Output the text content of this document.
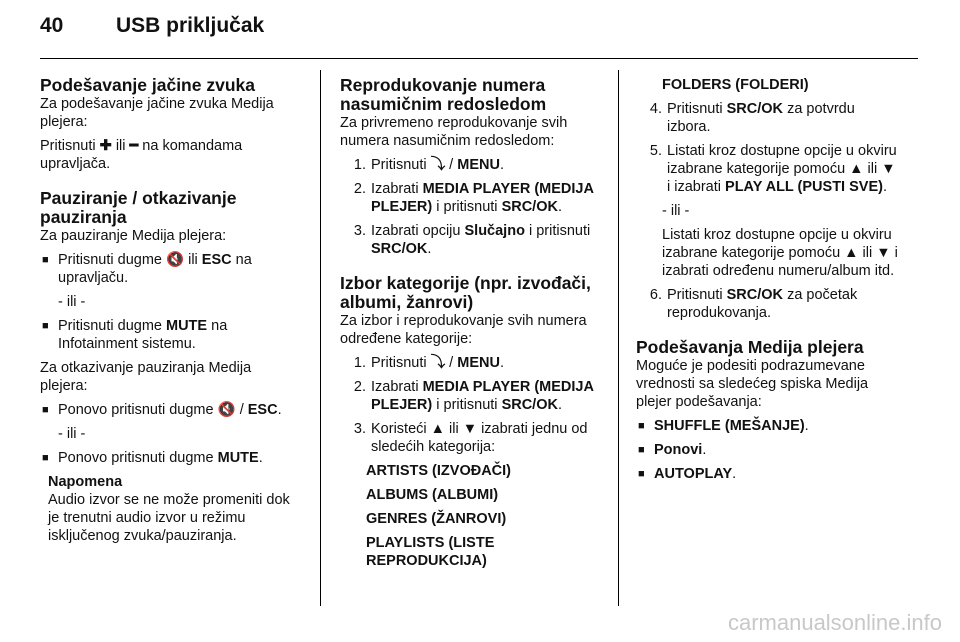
40	USB priključak
Podešavanje jačine zvuka

Za podešavanje jačine zvuka Medija plejera:

Pritisnuti ✚ ili ━ na komandama upravljača.

Pauziranje / otkazivanje pauziranja

Za pauziranje Medija plejera:

■ Pritisnuti dugme 🔇 ili ESC na upravljaču.
- ili -
■ Pritisnuti dugme MUTE na Infotainment sistemu.

Za otkazivanje pauziranja Medija plejera:

■ Ponovo pritisnuti dugme 🔇 / ESC.
- ili -
■ Ponovo pritisnuti dugme MUTE.
Napomena
Audio izvor se ne može promeniti dok je trenutni audio izvor u režimu isključenog zvuka/pauziranja.
Reprodukovanje numera nasumičnim redosledom

Za privremeno reprodukovanje svih numera nasumičnim redosledom:

1. Pritisnuti ⤵ / MENU.
2. Izabrati MEDIA PLAYER (MEDIJA PLEJER) i pritisnuti SRC/OK.
3. Izabrati opciju Slučajno i pritisnuti SRC/OK.
Izbor kategorije (npr. izvođači, albumi, žanrovi)

Za izbor i reprodukovanje svih numera određene kategorije:

1. Pritisnuti ⤵ / MENU.
2. Izabrati MEDIA PLAYER (MEDIJA PLEJER) i pritisnuti SRC/OK.
3. Koristeći ▲ ili ▼ izabrati jednu od sledećih kategorija:
ARTISTS (IZVOĐAČI)
ALBUMS (ALBUMI)
GENRES (ŽANROVI)
PLAYLISTS (LISTE REPRODUKCIJA)
FOLDERS (FOLDERI)
4. Pritisnuti SRC/OK za potvrdu izbora.
5. Listati kroz dostupne opcije u okviru izabrane kategorije pomoću ▲ ili ▼ i izabrati PLAY ALL (PUSTI SVE).
- ili -
Listati kroz dostupne opcije u okviru izabrane kategorije pomoću ▲ ili ▼ i izabrati određenu numeru/album itd.
6. Pritisnuti SRC/OK za početak reprodukovanja.
Podešavanja Medija plejera

Moguće je podesiti podrazumevane vrednosti sa sledećeg spiska Medija plejer podešavanja:

■ SHUFFLE (MEŠANJE).
■ Ponovi.
■ AUTOPLAY.
carmanualsonline.info
